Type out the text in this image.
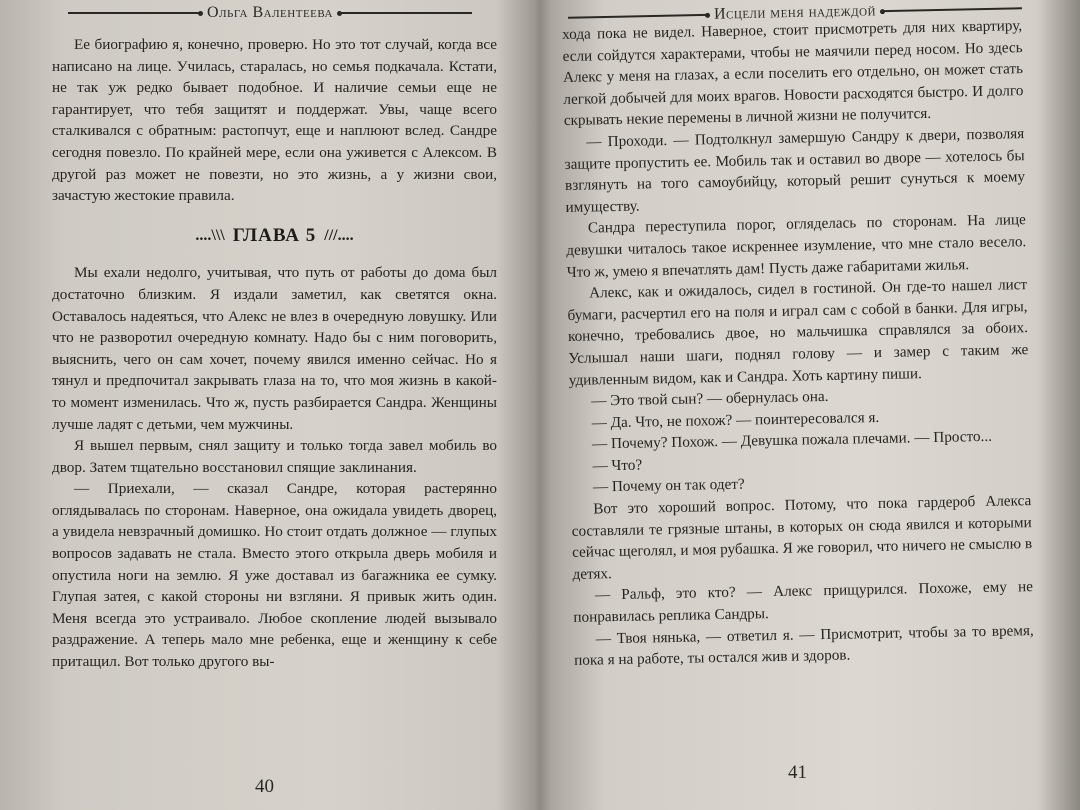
Ольга Валентеева

Ее биографию я, конечно, проверю. Но это тот случай, когда все написано на лице. Училась, старалась, но семья подкачала. Кстати, не так уж редко бывает подобное. И наличие семьи еще не гарантирует, что тебя защитят и поддержат. Увы, чаще всего сталкивался с обратным: растопчут, еще и наплюют вслед. Сандре сегодня повезло. По крайней мере, если она уживется с Алексом. В другой раз может не повезти, но это жизнь, а у жизни свои, зачастую жестокие правила.

....\\\ ГЛАВА 5 ///....

Мы ехали недолго, учитывая, что путь от работы до дома был достаточно близким. Я издали заметил, как светятся окна. Оставалось надеяться, что Алекс не влез в очередную ловушку. Или что не разворотил очередную комнату. Надо бы с ним поговорить, выяснить, чего он сам хочет, почему явился именно сейчас. Но я тянул и предпочитал закрывать глаза на то, что моя жизнь в какой-то момент изменилась. Что ж, пусть разбирается Сандра. Женщины лучше ладят с детьми, чем мужчины.

Я вышел первым, снял защиту и только тогда завел мобиль во двор. Затем тщательно восстановил спящие заклинания.

— Приехали, — сказал Сандре, которая растерянно оглядывалась по сторонам. Наверное, она ожидала увидеть дворец, а увидела невзрачный домишко. Но стоит отдать должное — глупых вопросов задавать не стала. Вместо этого открыла дверь мобиля и опустила ноги на землю. Я уже доставал из багажника ее сумку. Глупая затея, с какой стороны ни взгляни. Я привык жить один. Меня всегда это устраивало. Любое скопление людей вызывало раздражение. А теперь мало мне ребенка, еще и женщину к себе притащил. Вот только другого вы-

40
Исцели меня надеждой

хода пока не видел. Наверное, стоит присмотреть для них квартиру, если сойдутся характерами, чтобы не маячили перед носом. Но здесь Алекс у меня на глазах, а если поселить его отдельно, он может стать легкой добычей для моих врагов. Новости расходятся быстро. И долго скрывать некие перемены в личной жизни не получится.

— Проходи. — Подтолкнул замершую Сандру к двери, позволяя защите пропустить ее. Мобиль так и оставил во дворе — хотелось бы взглянуть на того самоубийцу, который решит сунуться к моему имуществу.

Сандра переступила порог, огляделась по сторонам. На лице девушки читалось такое искреннее изумление, что мне стало весело. Что ж, умею я впечатлять дам! Пусть даже габаритами жилья.

Алекс, как и ожидалось, сидел в гостиной. Он где-то нашел лист бумаги, расчертил его на поля и играл сам с собой в банки. Для игры, конечно, требовались двое, но мальчишка справлялся за обоих. Услышал наши шаги, поднял голову — и замер с таким же удивленным видом, как и Сандра. Хоть картину пиши.

— Это твой сын? — обернулась она.

— Да. Что, не похож? — поинтересовался я.

— Почему? Похож. — Девушка пожала плечами. — Просто...

— Что?

— Почему он так одет?

Вот это хороший вопрос. Потому, что пока гардероб Алекса составляли те грязные штаны, в которых он сюда явился и которыми сейчас щеголял, и моя рубашка. Я же говорил, что ничего не смыслю в детях.

— Ральф, это кто? — Алекс прищурился. Похоже, ему не понравилась реплика Сандры.

— Твоя нянька, — ответил я. — Присмотрит, чтобы за то время, пока я на работе, ты остался жив и здоров.

41
